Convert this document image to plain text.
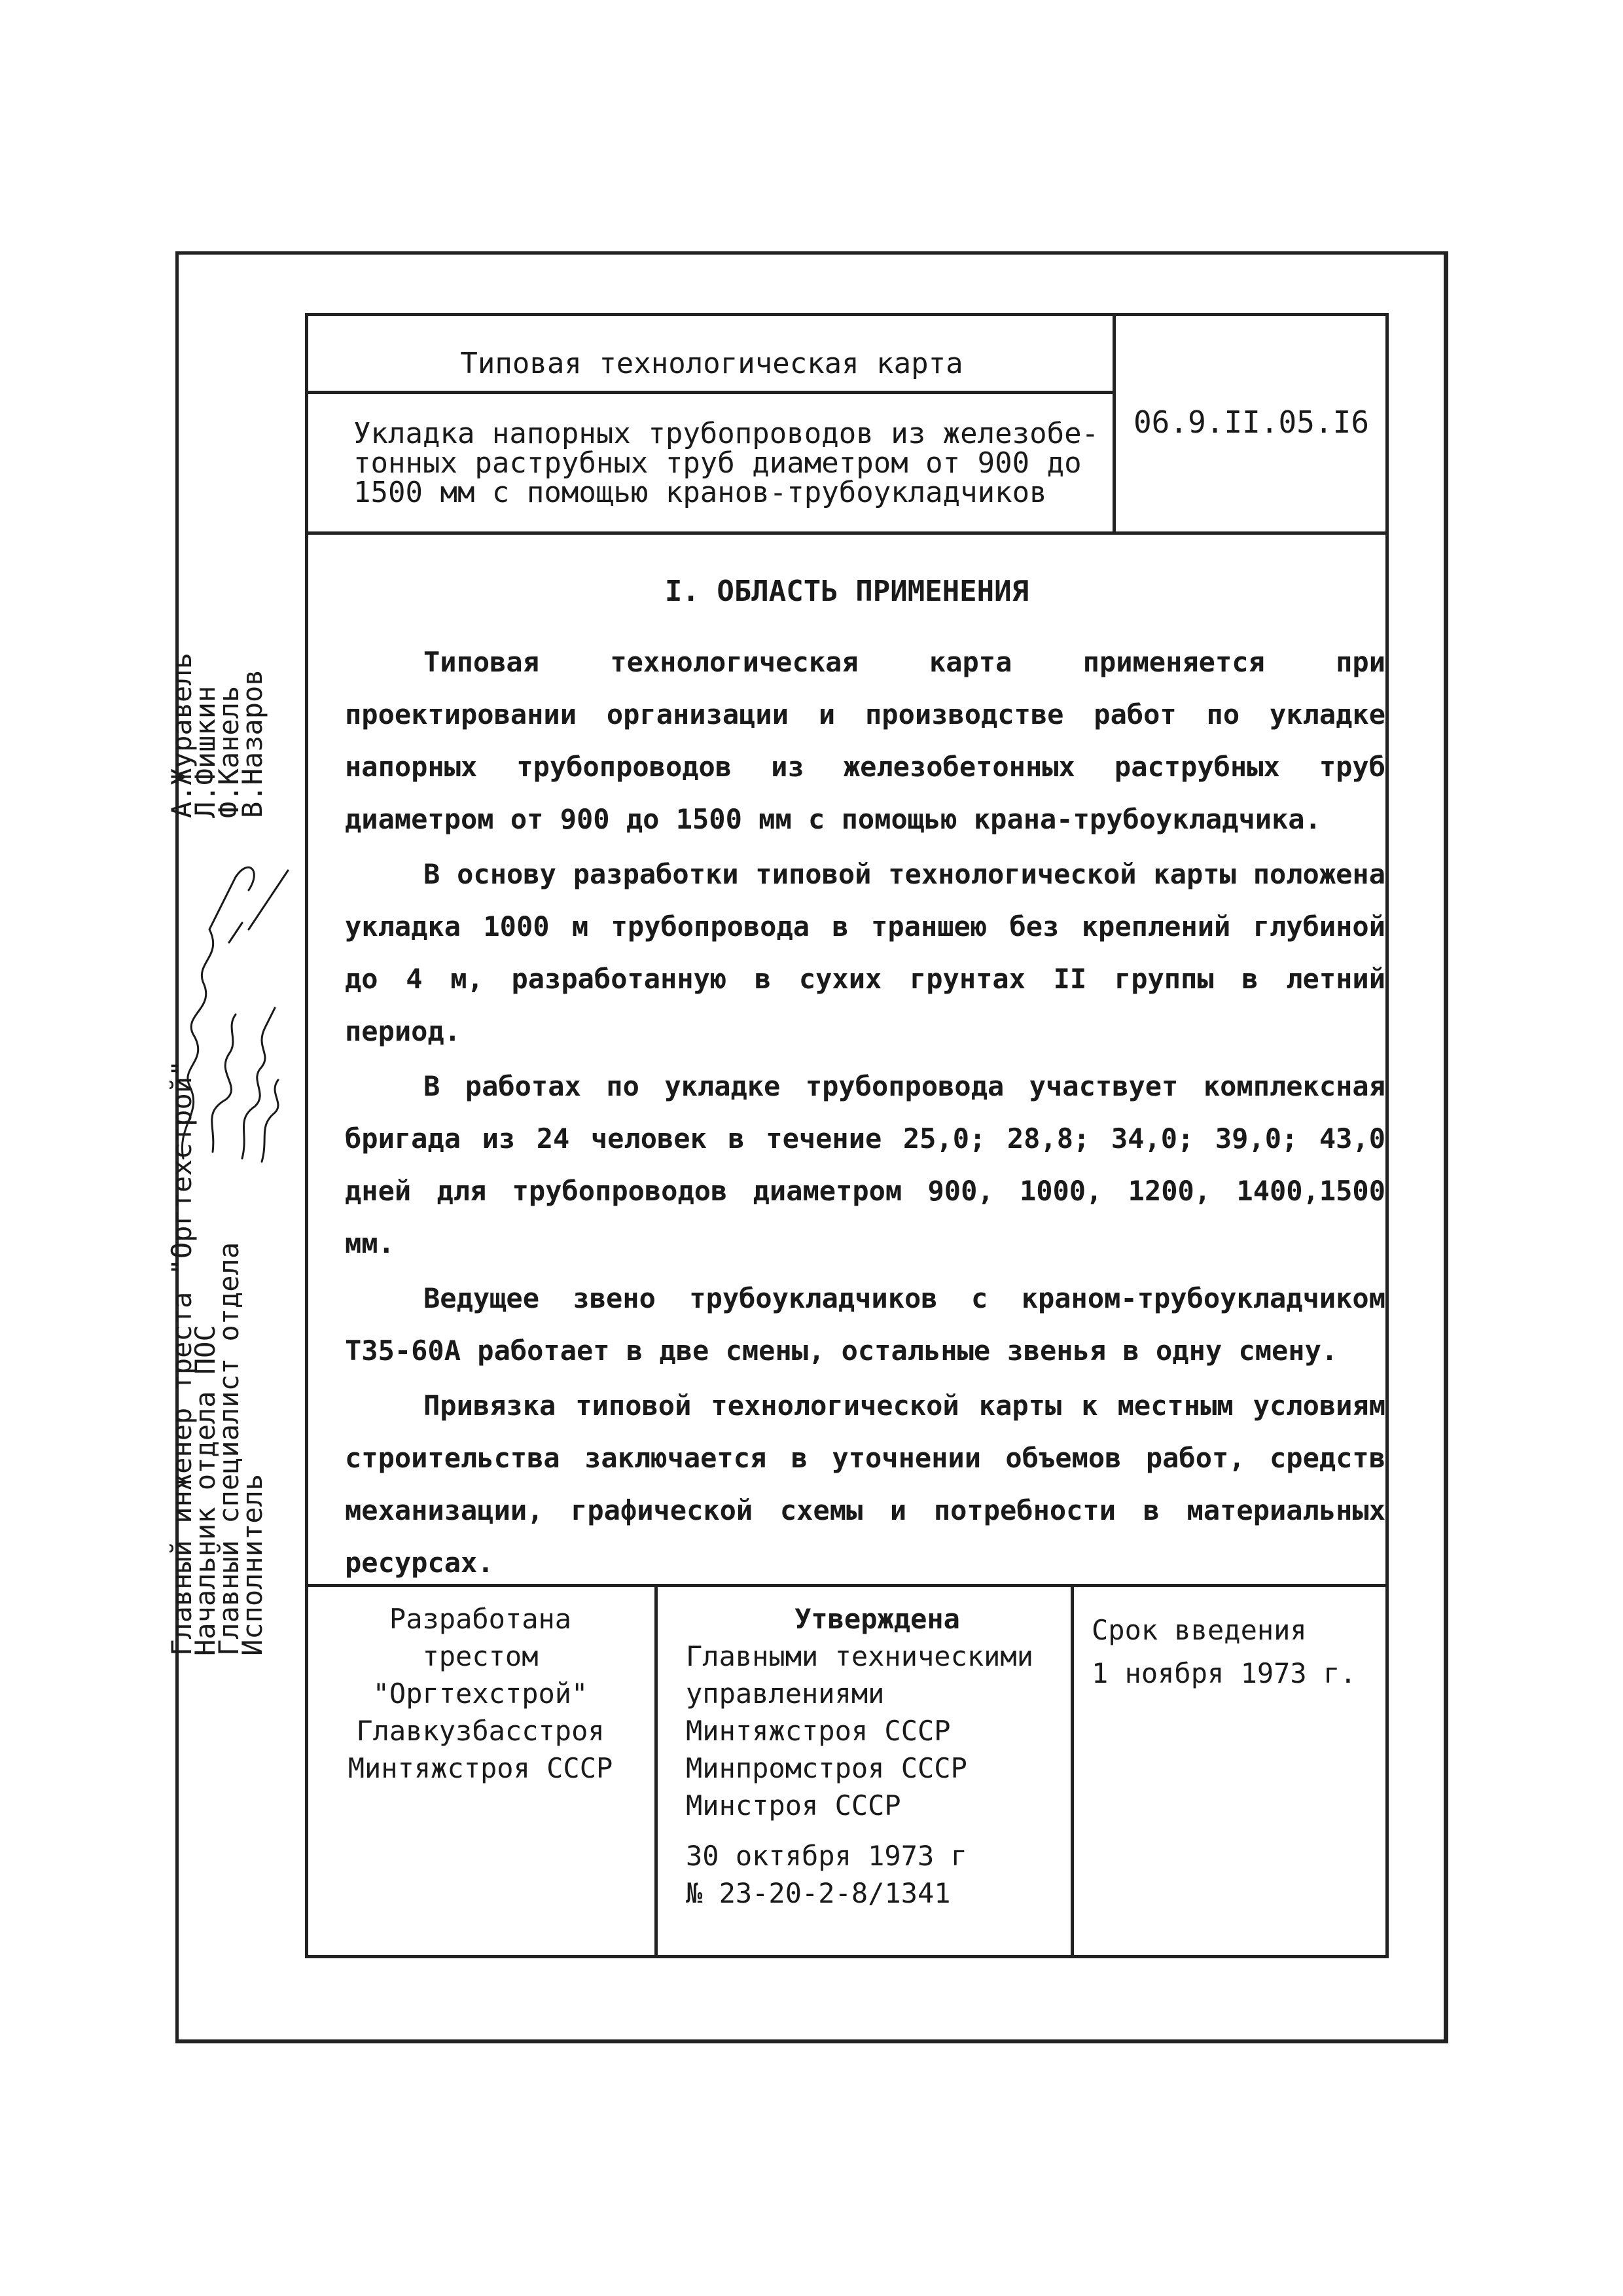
Типовая технологическая карта
Укладка напорных трубопроводов из железобе-
тонных раструбных труб диаметром от 900 до
1500 мм с помощью кранов-трубоукладчиков
06.9.II.05.I6
I. ОБЛАСТЬ ПРИМЕНЕНИЯ

Типовая технологическая карта применяется при проектировании организации и производстве работ по укладке напорных трубопроводов из железобетонных раструбных труб диаметром от 900 до 1500 мм с помощью крана-трубоукладчика.

В основу разработки типовой технологической карты положена укладка 1000 м трубопровода в траншею без креплений глубиной до 4 м, разработанную в сухих грунтах II группы в летний период.

В работах по укладке трубопровода участвует комплексная бригада из 24 человек в течение 25,0; 28,8; 34,0; 39,0; 43,0 дней для трубопроводов диаметром 900, 1000, 1200, 1400,1500 мм.

Ведущее звено трубоукладчиков с краном-трубоукладчиком Т35-60А работает в две смены, остальные звенья в одну смену.

Привязка типовой технологической карты к местным условиям строительства заключается в уточнении объемов работ, средств механизации, графической схемы и потребности в материальных ресурсах.

Разработана
трестом
"Оргтехстрой"
Главкузбасстроя
Минтяжстроя СССР
Утверждена
Главными техническими
управлениями
Минтяжстроя СССР
Минпромстроя СССР
Минстроя СССР
30 октября 1973 г
№ 23-20-2-8/1341
Срок введения
1 ноября 1973 г.
Главный инженер треста "Оргтехстрой"
Начальник отдела ПОС
Главный специалист отдела
Исполнитель
А.Журавель
Л.Фишкин
Ф.Канель
В.Назаров
